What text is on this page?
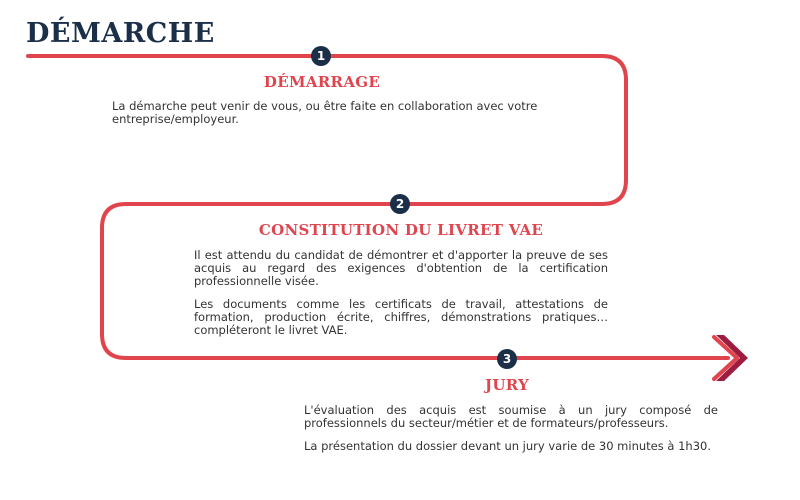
DÉMARCHE
1
DÉMARRAGE

La démarche peut venir de vous, ou être faite en collaboration avec votre entreprise/employeur.

2
CONSTITUTION DU LIVRET VAE

Il est attendu du candidat de démontrer et d'apporter la preuve de ses acquis au regard des exigences d'obtention de la certification professionnelle visée.

Les documents comme les certificats de travail, attestations de formation, production écrite, chiffres, démonstrations pratiques… compléteront le livret VAE.

3
JURY

L'évaluation des acquis est soumise à un jury composé de professionnels du secteur/métier et de formateurs/professeurs.

La présentation du dossier devant un jury varie de 30 minutes à 1h30.
